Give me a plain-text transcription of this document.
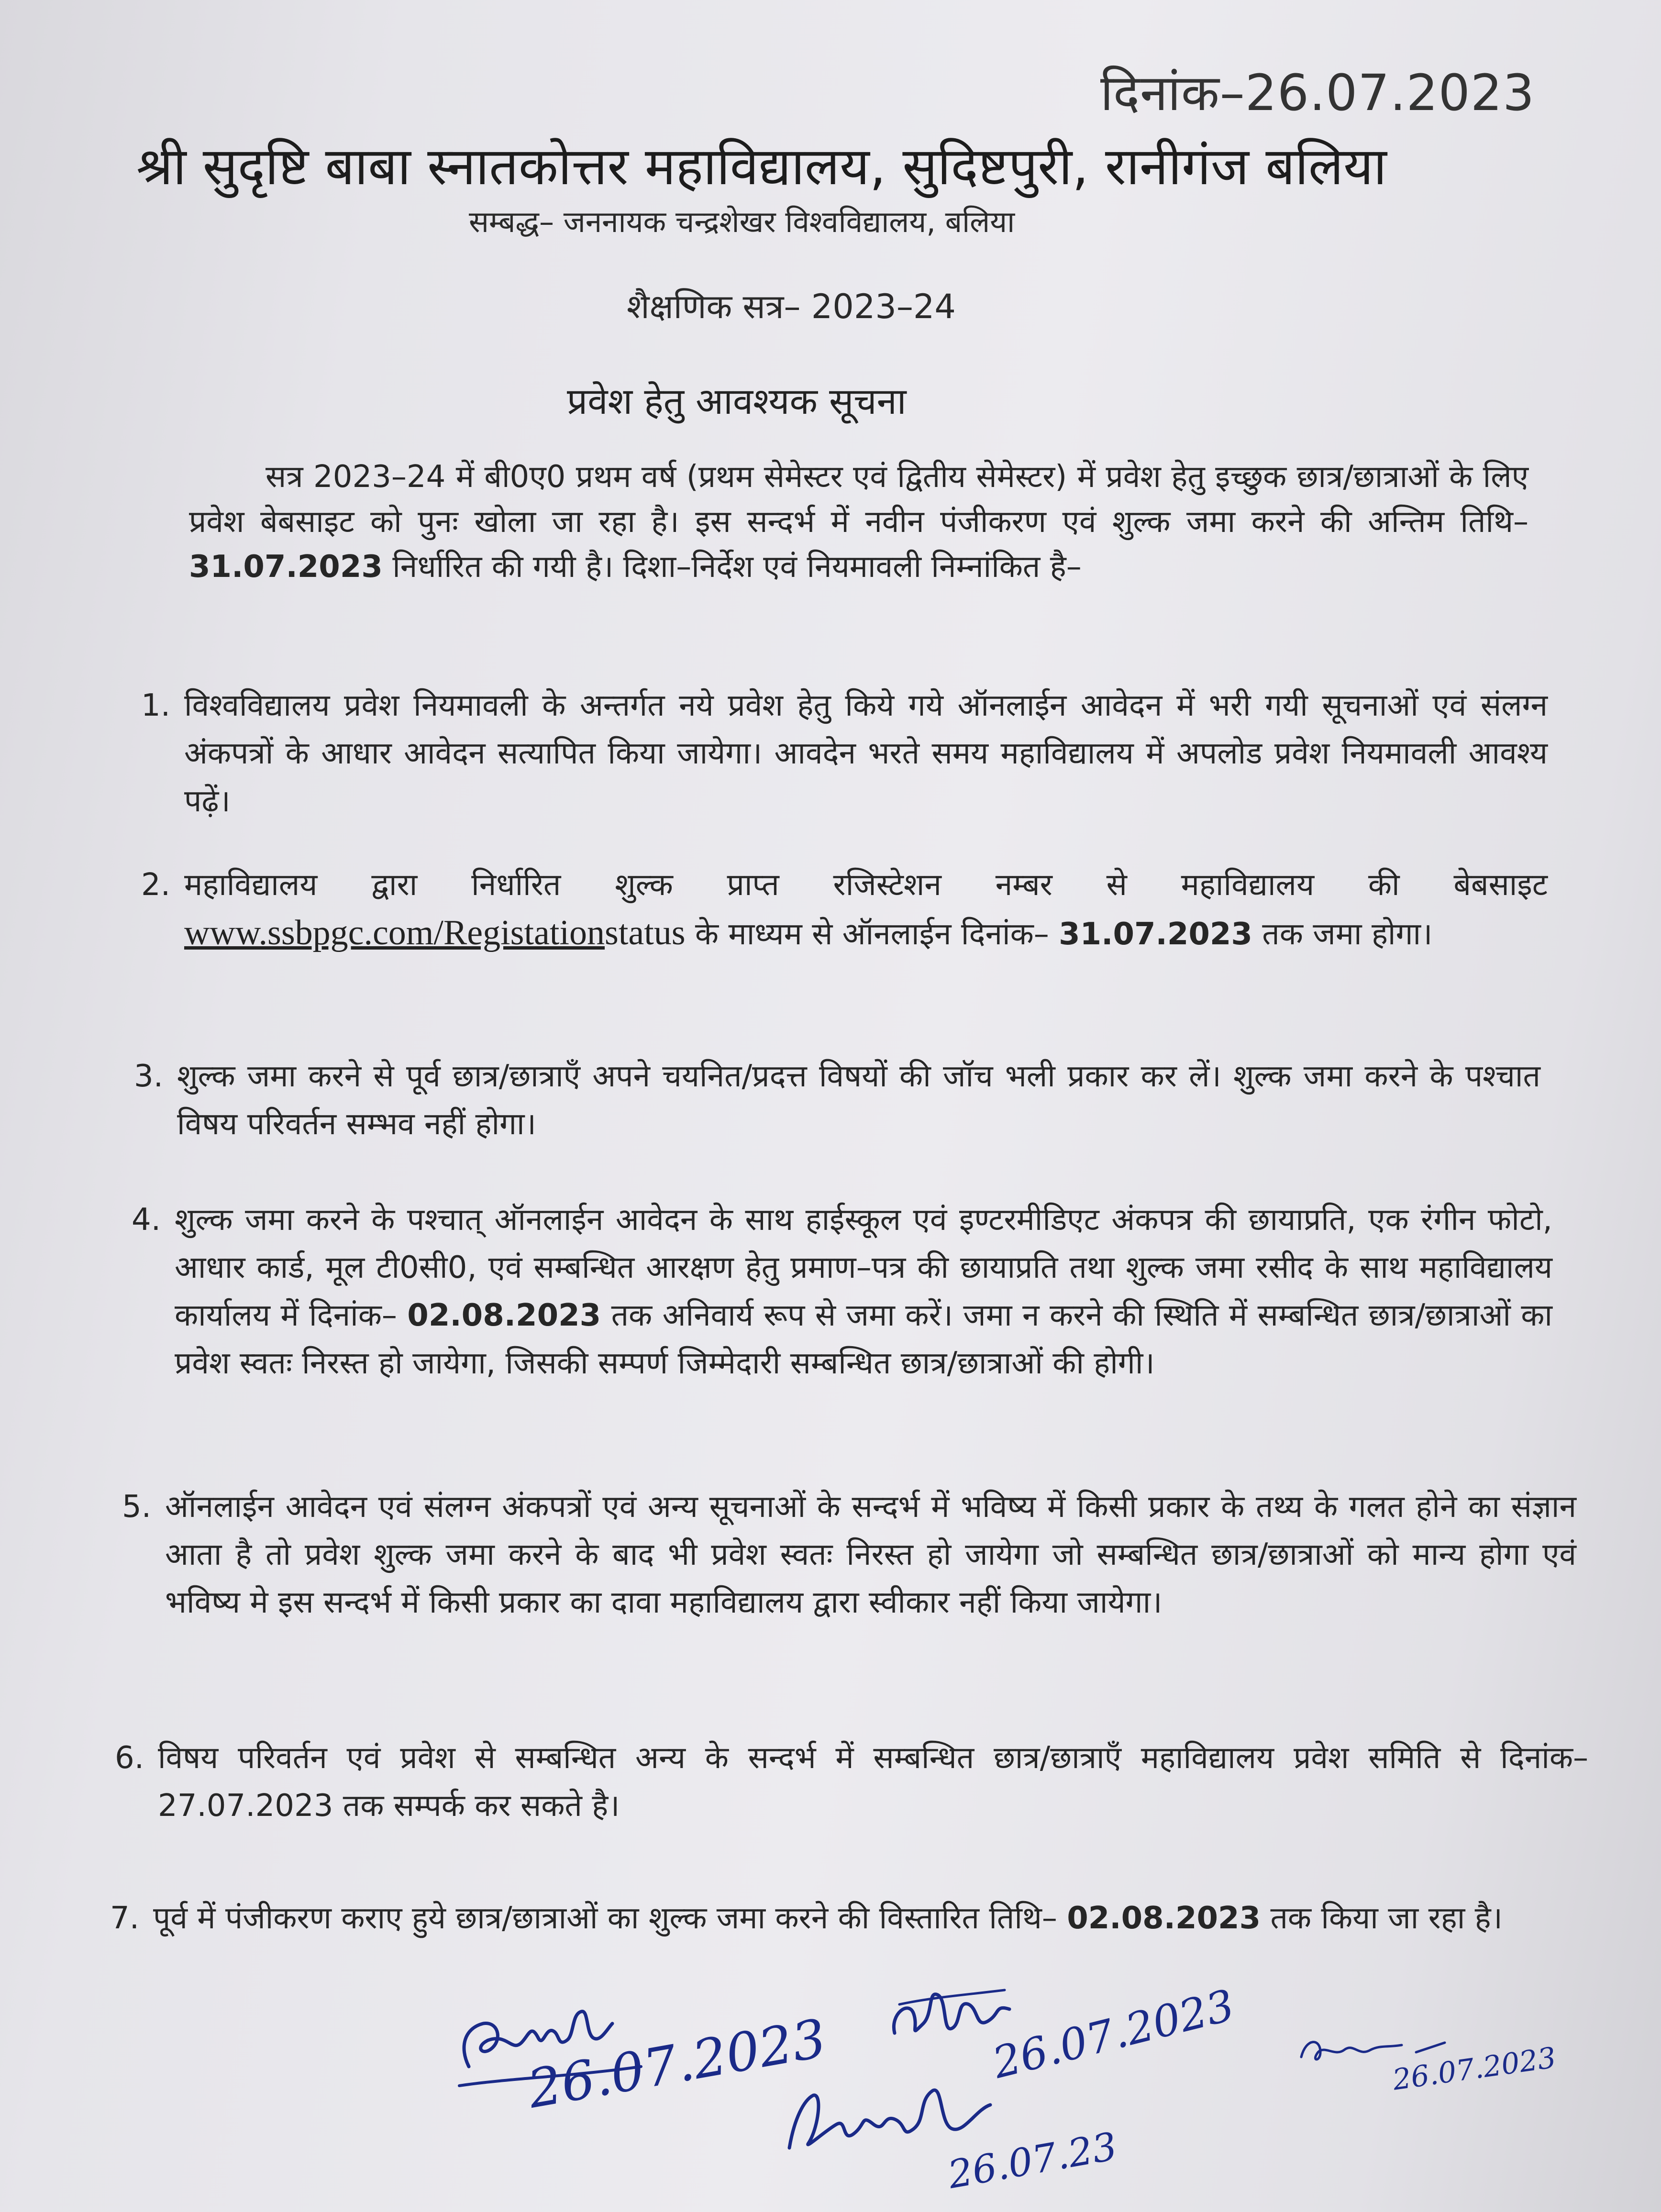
दिनांक–26.07.2023
श्री सुदृष्टि बाबा स्नातकोत्तर महाविद्यालय, सुदिष्टपुरी, रानीगंज बलिया
सम्बद्ध– जननायक चन्द्रशेखर विश्वविद्यालय, बलिया
शैक्षणिक सत्र– 2023–24
प्रवेश हेतु आवश्यक सूचना
सत्र 2023–24 में बी0ए0 प्रथम वर्ष (प्रथम सेमेस्टर एवं द्वितीय सेमेस्टर) में प्रवेश हेतु इच्छुक छात्र/छात्राओं के लिए प्रवेश बेबसाइट को पुनः खोला जा रहा है। इस सन्दर्भ में नवीन पंजीकरण एवं शुल्क जमा करने की अन्तिम तिथि– 31.07.2023 निर्धारित की गयी है। दिशा–निर्देश एवं नियमावली निम्नांकित है–
1. विश्वविद्यालय प्रवेश नियमावली के अन्तर्गत नये प्रवेश हेतु किये गये ऑनलाईन आवेदन में भरी गयी सूचनाओं एवं संलग्न अंकपत्रों के आधार आवेदन सत्यापित किया जायेगा। आवदेन भरते समय महाविद्यालय में अपलोड प्रवेश नियमावली आवश्य पढ़ें।
2. महाविद्यालय द्वारा निर्धारित शुल्क प्राप्त रजिस्टेशन नम्बर से महाविद्यालय की बेबसाइट www.ssbpgc.com/Registationstatus के माध्यम से ऑनलाईन दिनांक– 31.07.2023 तक जमा होगा।
3. शुल्क जमा करने से पूर्व छात्र/छात्राएँ अपने चयनित/प्रदत्त विषयों की जॉच भली प्रकार कर लें। शुल्क जमा करने के पश्चात विषय परिवर्तन सम्भव नहीं होगा।
4. शुल्क जमा करने के पश्चात् ऑनलाईन आवेदन के साथ हाईस्कूल एवं इण्टरमीडिएट अंकपत्र की छायाप्रति, एक रंगीन फोटो, आधार कार्ड, मूल टी0सी0, एवं सम्बन्धित आरक्षण हेतु प्रमाण–पत्र की छायाप्रति तथा शुल्क जमा रसीद के साथ महाविद्यालय कार्यालय में दिनांक– 02.08.2023 तक अनिवार्य रूप से जमा करें। जमा न करने की स्थिति में सम्बन्धित छात्र/छात्राओं का प्रवेश स्वतः निरस्त हो जायेगा, जिसकी सम्पर्ण जिम्मेदारी सम्बन्धित छात्र/छात्राओं की होगी।
5. ऑनलाईन आवेदन एवं संलग्न अंकपत्रों एवं अन्य सूचनाओं के सन्दर्भ में भविष्य में किसी प्रकार के तथ्य के गलत होने का संज्ञान आता है तो प्रवेश शुल्क जमा करने के बाद भी प्रवेश स्वतः निरस्त हो जायेगा जो सम्बन्धित छात्र/छात्राओं को मान्य होगा एवं भविष्य मे इस सन्दर्भ में किसी प्रकार का दावा महाविद्यालय द्वारा स्वीकार नहीं किया जायेगा।
6. विषय परिवर्तन एवं प्रवेश से सम्बन्धित अन्य के सन्दर्भ में सम्बन्धित छात्र/छात्राएँ महाविद्यालय प्रवेश समिति से दिनांक– 27.07.2023 तक सम्पर्क कर सकते है।
7. पूर्व में पंजीकरण कराए हुये छात्र/छात्राओं का शुल्क जमा करने की विस्तारित तिथि– 02.08.2023 तक किया जा रहा है।
26.07.2023	26.07.2023	26.07.2023
26.07.23
